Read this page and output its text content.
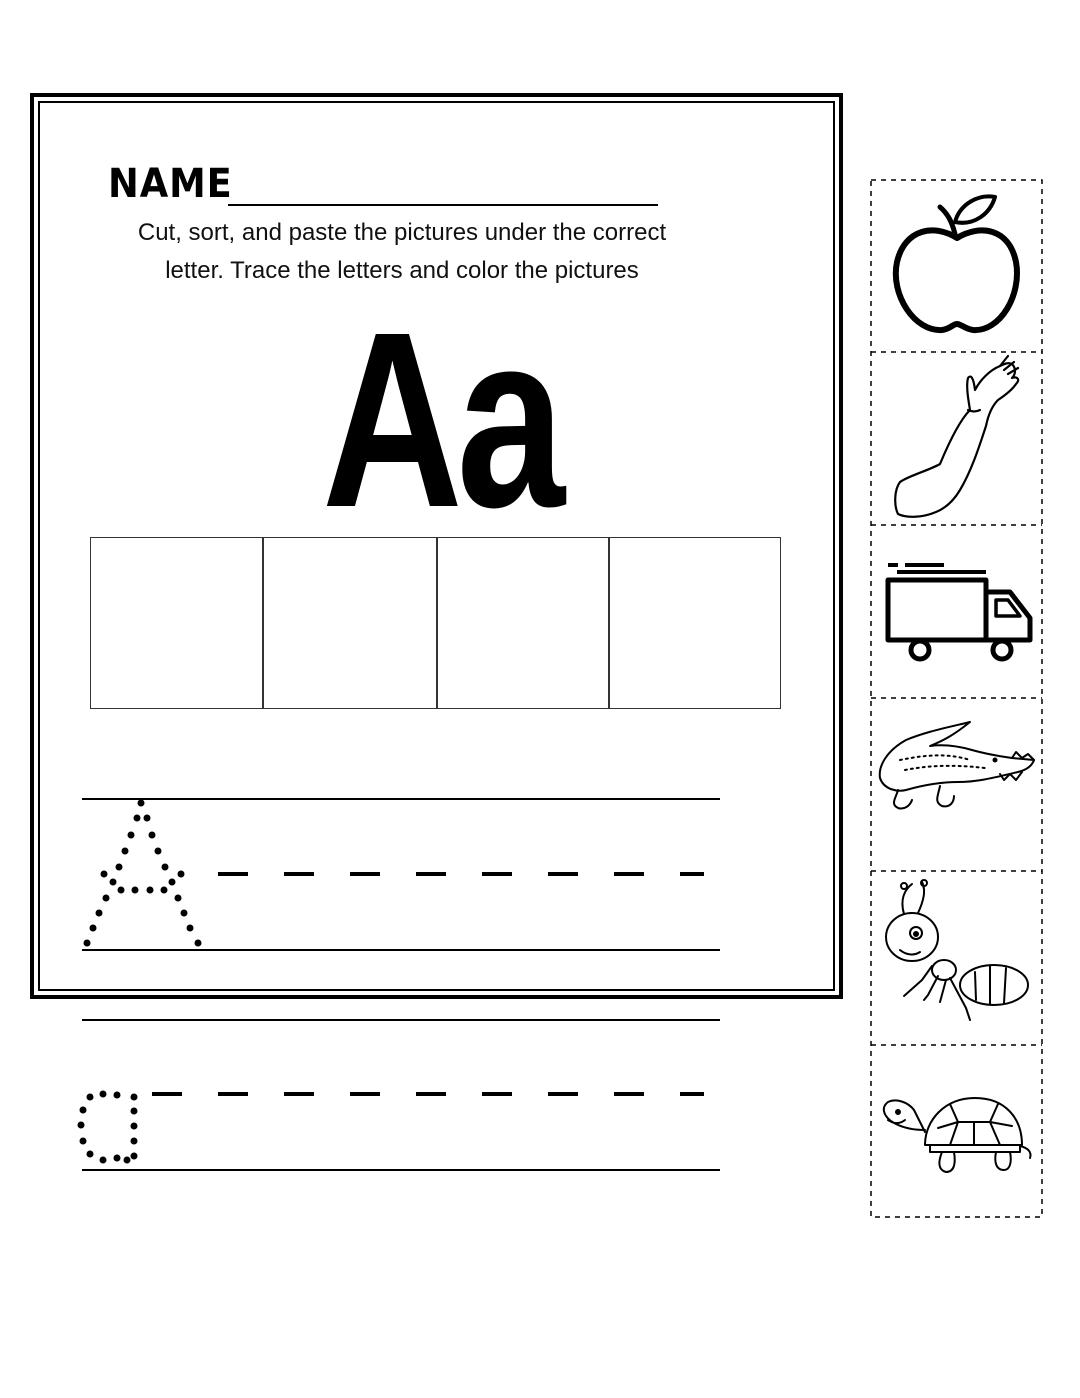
NAME
Cut, sort, and paste the pictures under the correct
letter. Trace the letters and color the pictures
Aa
